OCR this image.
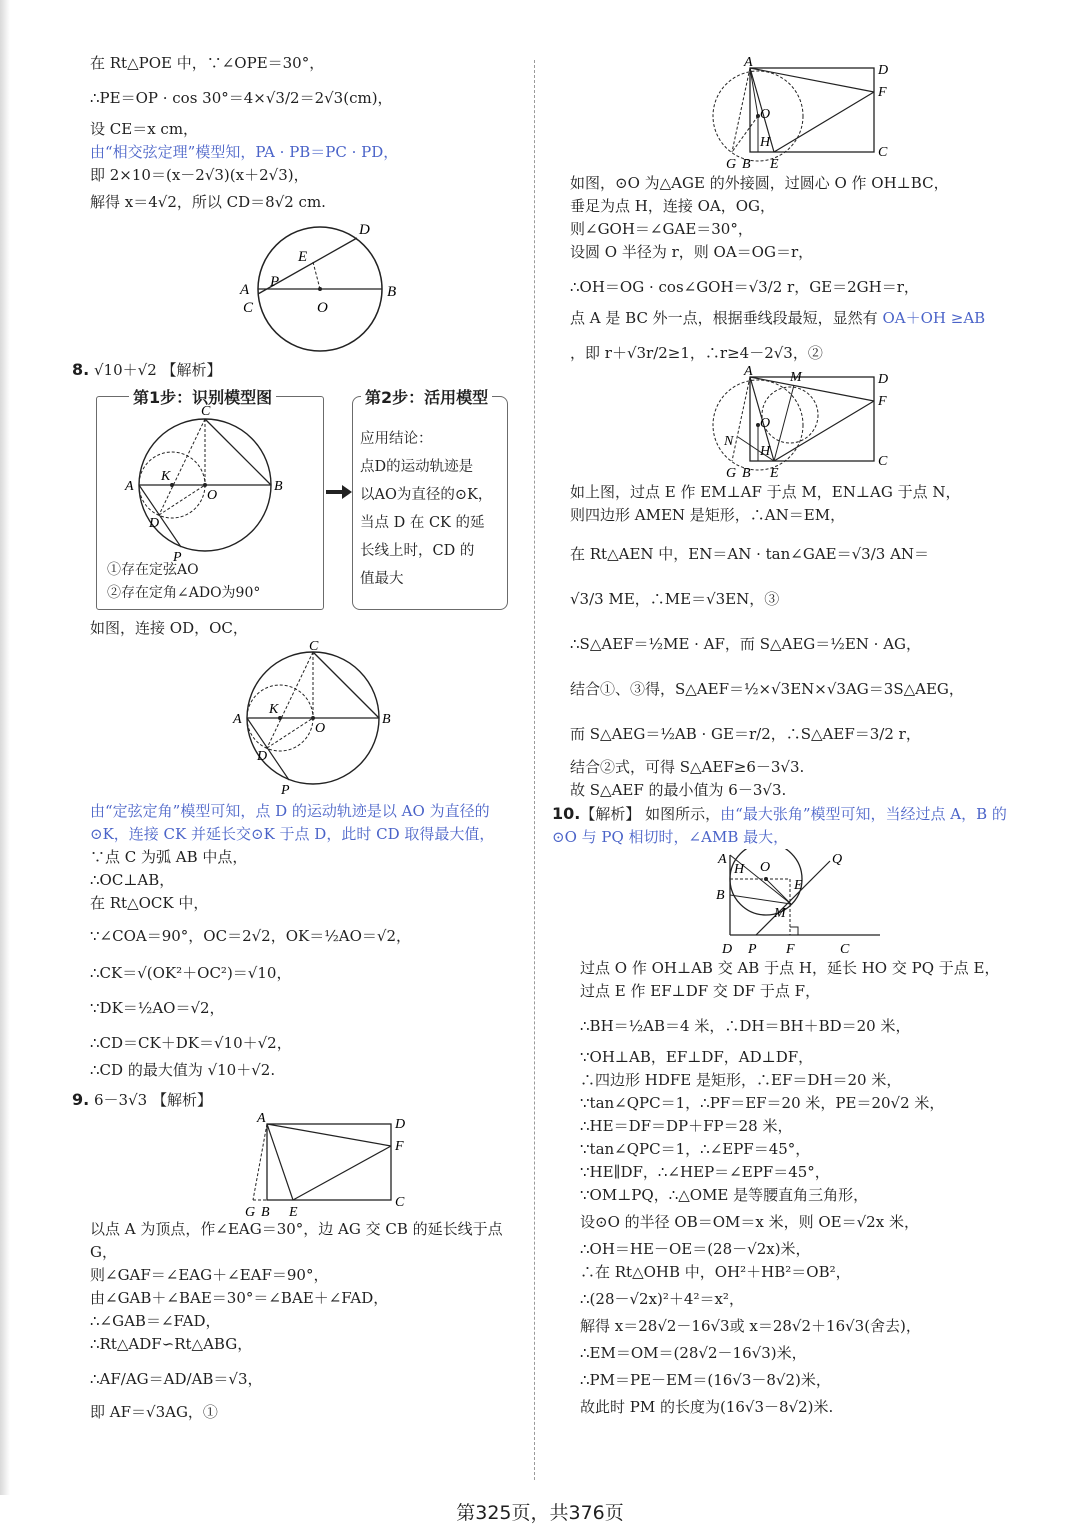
在 Rt△POE 中，∵∠OPE＝30°，
∴PE＝OP · cos 30°＝4×√3/2＝2√3(cm)，
设 CE＝x cm，
由“相交弦定理”模型知，PA · PB＝PC · PD，
即 2×10＝(x－2√3)(x＋2√3)，
解得 x＝4√2，所以 CD＝8√2 cm.
D
E
A P
C	O
B
8. √10＋√2 【解析】
第1步：识别模型图
C
K
A
O
B
D
P
①存在定弦AO
②存在定角∠ADO为90°
第2步：活用模型
应用结论：
点D的运动轨迹是
以AO为直径的⊙K，
当点 D 在 CK 的延
长线上时，CD 的
值最大
如图，连接 OD，OC，
C
K
A
O
B
D
P
由“定弦定角”模型可知，点 D 的运动轨迹是以 AO 为直径的⊙K，连接 CK 并延长交⊙K 于点 D，此时 CD 取得最大值，
∵点 C 为弧 AB 中点，
∴OC⊥AB，
在 Rt△OCK 中，
∵∠COA＝90°，OC＝2√2，OK＝½AO＝√2，
∴CK＝√(OK²＋OC²)＝√10，
∵DK＝½AO＝√2，
∴CD＝CK＋DK＝√10＋√2，
∴CD 的最大值为 √10＋√2.
9. 6－3√3 【解析】
A	D
F
C
G B E
以点 A 为顶点，作∠EAG＝30°，边 AG 交 CB 的延长线于点 G，
则∠GAF＝∠EAG＋∠EAF＝90°，
由∠GAB＋∠BAE＝30°＝∠BAE＋∠FAD，
∴∠GAB＝∠FAD，
∴Rt△ADF∽Rt△ABG，
∴AF/AG＝AD/AB＝√3，
即 AF＝√3AG，①
A
D
F
O
H
C
G B E
如图，⊙O 为△AGE 的外接圆，过圆心 O 作 OH⊥BC，
垂足为点 H，连接 OA，OG，
则∠GOH＝∠GAE＝30°，
设圆 O 半径为 r，则 OA＝OG＝r，
∴OH＝OG · cos∠GOH＝√3/2 r，GE＝2GH＝r，
点 A 是 BC 外一点，根据垂线段最短，显然有 OA＋OH ≥AB
，即 r＋√3r/2≥1，∴r≥4－2√3，②
A	M	D
F
O
N
H
C
G B E
如上图，过点 E 作 EM⊥AF 于点 M，EN⊥AG 于点 N，
则四边形 AMEN 是矩形，∴AN＝EM，
在 Rt△AEN 中，EN＝AN · tan∠GAE＝√3/3 AN＝
√3/3 ME，∴ME＝√3EN，③
∴S△AEF＝½ME · AF，而 S△AEG＝½EN · AG，
结合①、③得，S△AEF＝½×√3EN×√3AG＝3S△AEG，
而 S△AEG＝½AB · GE＝r/2，∴S△AEF＝3/2 r，
结合②式，可得 S△AEF≥6－3√3.
故 S△AEF 的最小值为 6－3√3.
10.【解析】 如图所示，由“最大张角”模型可知，当经过点 A，B 的⊙O 与 PQ 相切时，∠AMB 最大，
A
H O
Q
B
E
M
D P F	C
过点 O 作 OH⊥AB 交 AB 于点 H，延长 HO 交 PQ 于点 E，过点 E 作 EF⊥DF 交 DF 于点 F，
∴BH＝½AB＝4 米，∴DH＝BH＋BD＝20 米，
∵OH⊥AB，EF⊥DF，AD⊥DF，
∴四边形 HDFE 是矩形，∴EF＝DH＝20 米，
∵tan∠QPC＝1，∴PF＝EF＝20 米，PE＝20√2 米，
∴HE＝DF＝DP＋FP＝28 米，
∵tan∠QPC＝1，∴∠EPF＝45°，
∵HE∥DF，∴∠HEP＝∠EPF＝45°，
∵OM⊥PQ，∴△OME 是等腰直角三角形，
设⊙O 的半径 OB＝OM＝x 米，则 OE＝√2x 米，
∴OH＝HE－OE＝(28－√2x)米，
∴在 Rt△OHB 中，OH²＋HB²＝OB²，
∴(28－√2x)²＋4²＝x²，
解得 x＝28√2－16√3或 x＝28√2＋16√3(舍去)，
∴EM＝OM＝(28√2－16√3)米，
∴PM＝PE－EM＝(16√3－8√2)米，
故此时 PM 的长度为(16√3－8√2)米.
第325页，共376页
